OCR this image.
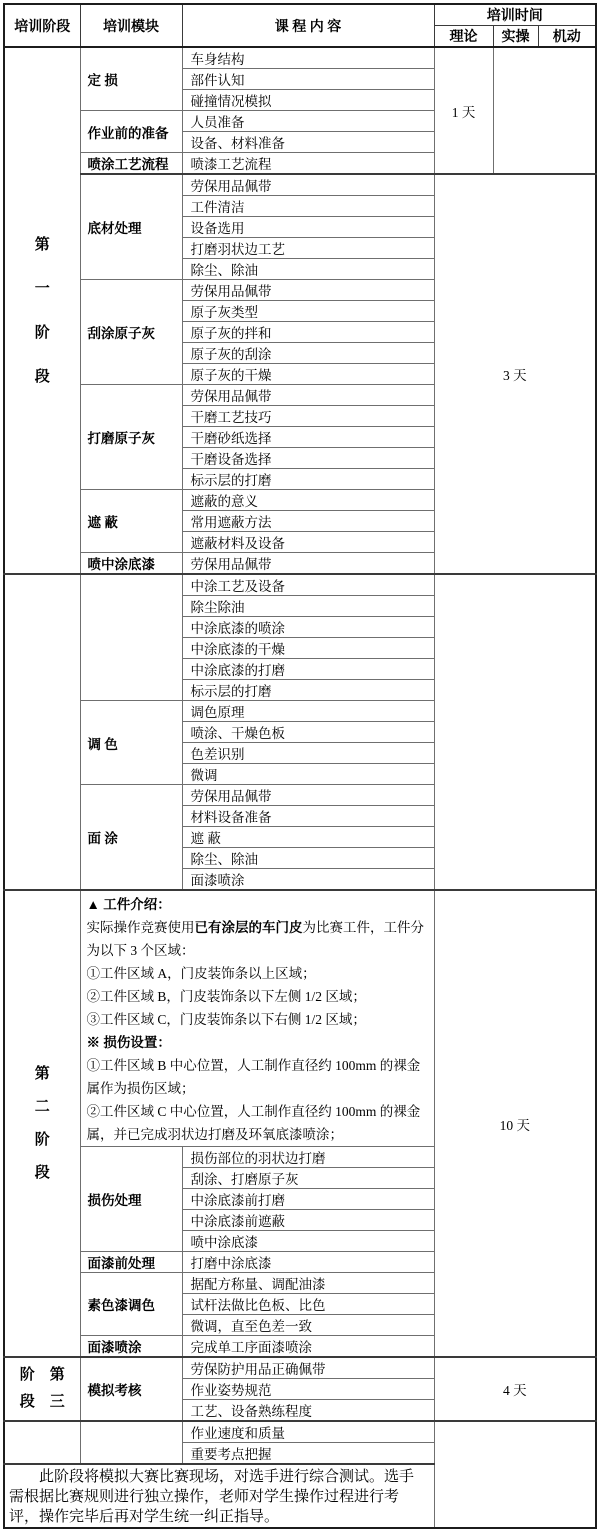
培训阶段	培训模块	课 程 内 容	培训时间		
			理论	实操	机动

第
一
阶
段	定 损	车身结构	1 天		
		部件认知			
		碰撞情况模拟			
	作业前的准备	人员准备			
		设备、材料准备			
	喷涂工艺流程	喷漆工艺流程			
	底材处理	劳保用品佩带	3 天		
		工件清洁			
		设备选用			
		打磨羽状边工艺			
		除尘、除油			
	刮涂原子灰	劳保用品佩带			
		原子灰类型			
		原子灰的拌和			
		原子灰的刮涂			
		原子灰的干燥			
	打磨原子灰	劳保用品佩带			
		干磨工艺技巧			
		干磨砂纸选择			
		干磨设备选择			
		标示层的打磨			
	遮 蔽	遮蔽的意义			
		常用遮蔽方法			
		遮蔽材料及设备			
	喷中涂底漆	劳保用品佩带			
		中涂工艺及设备			
		除尘除油			
		中涂底漆的喷涂			
		中涂底漆的干燥			
		中涂底漆的打磨			
		标示层的打磨			
	调 色	调色原理			
		喷涂、干燥色板			
		色差识别			
		微调			
	面 涂	劳保用品佩带			
		材料设备准备			
		遮 蔽			
		除尘、除油			
		面漆喷涂			

第
二
阶
段

▲ 工件介绍：
实际操作竞赛使用已有涂层的车门皮为比赛工件，工件分
为以下 3 个区域：
①工件区域 A，门皮装饰条以上区域；
②工件区域 B，门皮装饰条以下左侧 1/2 区域；
③工件区域 C，门皮装饰条以下右侧 1/2 区域；
※ 损伤设置：
①工件区域 B 中心位置，人工制作直径约 100mm 的裸金
属作为损伤区域；
②工件区域 C 中心位置，人工制作直径约 100mm 的裸金
属，并已完成羽状边打磨及环氧底漆喷涂；
	10 天
	损伤处理	损伤部位的羽状边打磨			
		刮涂、打磨原子灰			
		中涂底漆前打磨			
		中涂底漆前遮蔽			
		喷中涂底漆			
	面漆前处理	打磨中涂底漆			
	素色漆调色	据配方称量、调配油漆			
		试杆法做比色板、比色			
		微调，直至色差一致			
	面漆喷涂	完成单工序面漆喷涂			

阶　第
段　三	模拟考核	劳保防护用品正确佩带	4 天		
		作业姿势规范			
		工艺、设备熟练程度			
		作业速度和质量			
		重要考点把握			

此阶段将模拟大赛比赛现场，对选手进行综合测试。选手
需根据比赛规则进行独立操作，老师对学生操作过程进行考
评，操作完毕后再对学生统一纠正指导。					
